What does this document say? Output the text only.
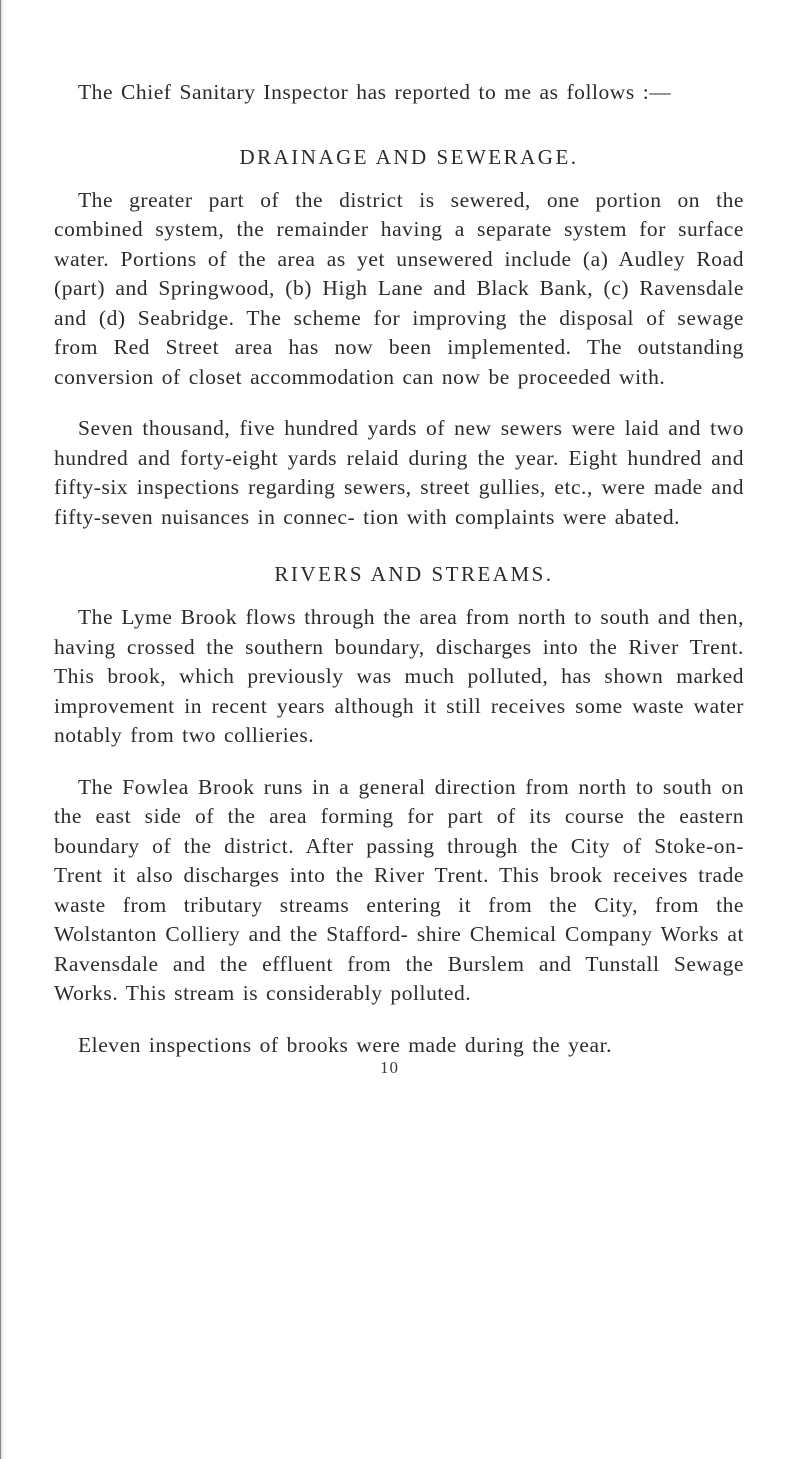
The Chief Sanitary Inspector has reported to me as follows :—

DRAINAGE AND SEWERAGE.

The greater part of the district is sewered, one portion on the combined system, the remainder having a separate system for surface water. Portions of the area as yet unsewered include (a) Audley Road (part) and Springwood, (b) High Lane and Black Bank, (c) Ravensdale and (d) Seabridge. The scheme for improving the disposal of sewage from Red Street area has now been implemented. The outstanding conversion of closet accommodation can now be proceeded with.

Seven thousand, five hundred yards of new sewers were laid and two hundred and forty-eight yards relaid during the year. Eight hundred and fifty-six inspections regarding sewers, street gullies, etc., were made and fifty-seven nuisances in connec- tion with complaints were abated.

RIVERS AND STREAMS.

The Lyme Brook flows through the area from north to south and then, having crossed the southern boundary, discharges into the River Trent. This brook, which previously was much polluted, has shown marked improvement in recent years although it still receives some waste water notably from two collieries.

The Fowlea Brook runs in a general direction from north to south on the east side of the area forming for part of its course the eastern boundary of the district. After passing through the City of Stoke-on-Trent it also discharges into the River Trent. This brook receives trade waste from tributary streams entering it from the City, from the Wolstanton Colliery and the Stafford- shire Chemical Company Works at Ravensdale and the effluent from the Burslem and Tunstall Sewage Works. This stream is considerably polluted.

Eleven inspections of brooks were made during the year.

10
